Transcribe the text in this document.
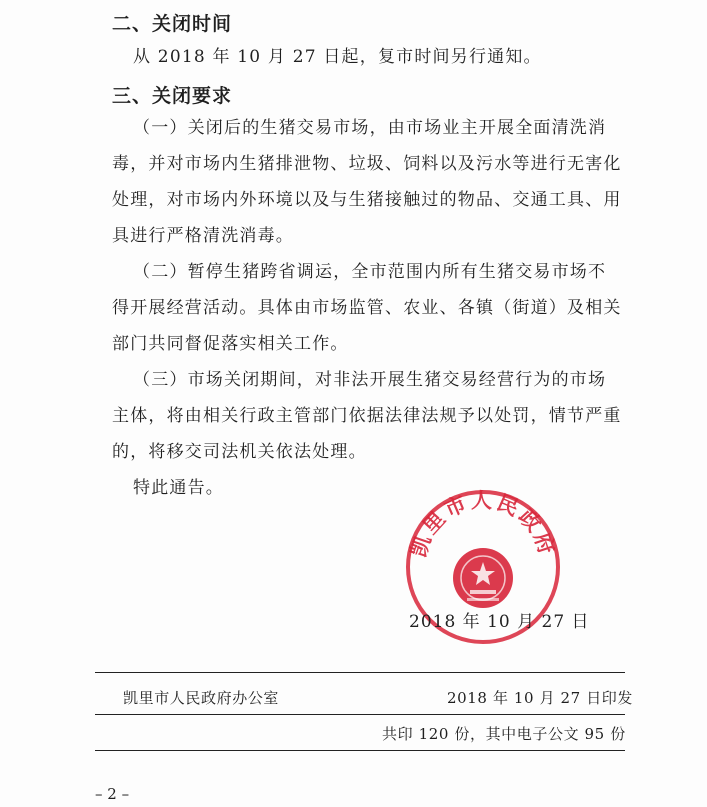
二、关闭时间
从 2018 年 10 月 27 日起，复市时间另行通知。
三、关闭要求
（一）关闭后的生猪交易市场，由市场业主开展全面清洗消
毒，并对市场内生猪排泄物、垃圾、饲料以及污水等进行无害化
处理，对市场内外环境以及与生猪接触过的物品、交通工具、用
具进行严格清洗消毒。
（二）暂停生猪跨省调运，全市范围内所有生猪交易市场不
得开展经营活动。具体由市场监管、农业、各镇（街道）及相关
部门共同督促落实相关工作。
（三）市场关闭期间，对非法开展生猪交易经营行为的市场
主体，将由相关行政主管部门依据法律法规予以处罚，情节严重
的，将移交司法机关依法处理。
特此通告。
凯里市人民政府
2018 年 10 月 27 日
凯里市人民政府办公室	2018 年 10 月 27 日印发
共印 120 份，其中电子公文 95 份
– 2 –
